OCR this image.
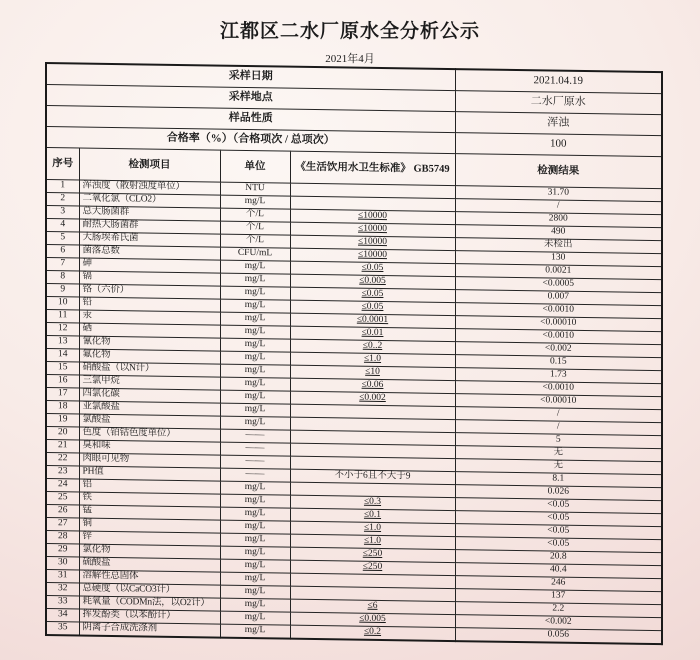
江都区二水厂原水全分析公示
2021年4月
采样日期				2021.04.19
采样地点				二水厂原水
样品性质				浑浊
合格率（%）（合格项次 / 总项次）				100
序号	检测项目	单位	《生活饮用水卫生标准》 GB5749	检测结果
1	浑浊度（散射浊度单位）	NTU		31.70
2	二氧化氯（CLO2）	mg/L		/
3	总大肠菌群	个/L	≤10000	2800
4	耐热大肠菌群	个/L	≤10000	490
5	大肠埃希氏菌	个/L	≤10000	未检出
6	菌落总数	CFU/mL	≤10000	130
7	砷	mg/L	≤0.05	0.0021
8	镉	mg/L	≤0.005	<0.0005
9	铬（六价）	mg/L	≤0.05	0.007
10	铅	mg/L	≤0.05	<0.0010
11	汞	mg/L	≤0.0001	<0.00010
12	硒	mg/L	≤0.01	<0.0010
13	氰化物	mg/L	≤0..2	<0.002
14	氟化物	mg/L	≤1.0	0.15
15	硝酸盐（以N计）	mg/L	≤10	1.73
16	三氯甲烷	mg/L	≤0.06	<0.0010
17	四氯化碳	mg/L	≤0.002	<0.00010
18	亚氯酸盐	mg/L		/
19	氯酸盐	mg/L		/
20	色度（铂钴色度单位）	——		5
21	臭和味	——		无
22	肉眼可见物	——		无
23	PH值	——	不小于6且不大于9	8.1
24	铝	mg/L		0.026
25	铁	mg/L	≤0.3	<0.05
26	锰	mg/L	≤0.1	<0.05
27	铜	mg/L	≤1.0	<0.05
28	锌	mg/L	≤1.0	<0.05
29	氯化物	mg/L	≤250	20.8
30	硫酸盐	mg/L	≤250	40.4
31	溶解性总固体	mg/L		246
32	总硬度（以CaCO3计）	mg/L		137
33	耗氧量（CODMn法，以O2计）	mg/L	≤6	2.2
34	挥发酚类（以苯酚计）	mg/L	≤0.005	<0.002
35	阴离子合成洗涤剂	mg/L	≤0.2	0.056
